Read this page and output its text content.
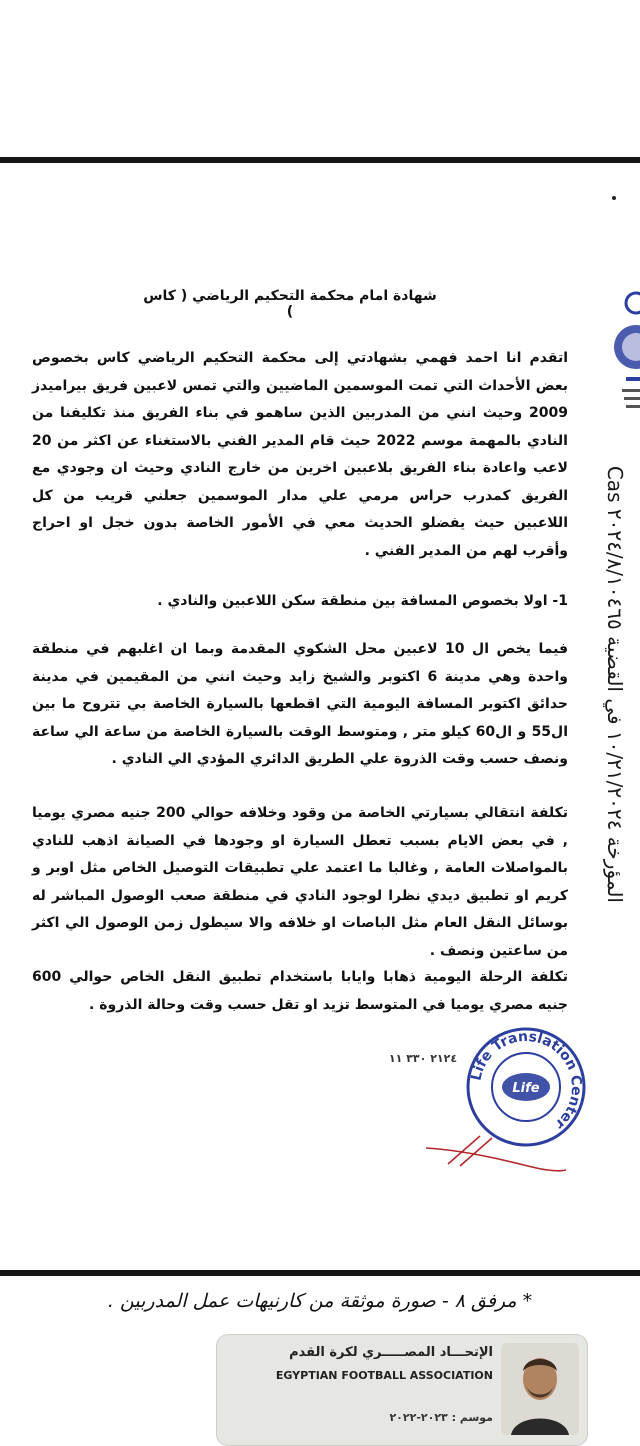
شهادة امام محكمة التحكيم الرياضي ( كاس )

اتقدم انا احمد فهمي بشهادتي إلى محكمة التحكيم الرياضي كاس بخصوص بعض الأحداث التي تمت الموسمين الماضيين والتي تمس لاعبين فريق بيراميدز 2009 وحيث انني من المدربين الذين ساهمو في بناء الفريق منذ تكليفنا من النادي بالمهمة موسم 2022 حيث قام المدير الفني بالاستغناء عن اكثر من 20 لاعب واعادة بناء الفريق بلاعبين اخرين من خارج النادي وحيث ان وجودي مع الفريق كمدرب حراس مرمي علي مدار الموسمين جعلني قريب من كل اللاعبين حيث يفضلو الحديث معي في الأمور الخاصة بدون خجل او احراج وأقرب لهم من المدير الفني .

1- اولا بخصوص المسافة بين منطقة سكن اللاعبين والنادي .

فيما يخص ال 10 لاعبين محل الشكوي المقدمة وبما ان اغلبهم في منطقة واحدة وهي مدينة 6 اكتوبر والشيخ زايد وحيث انني من المقيمين في مدينة حدائق اكتوبر المسافة اليومية التي اقطعها بالسيارة الخاصة بي تتروح ما بين ال55 و ال60 كيلو متر , ومتوسط الوقت بالسيارة الخاصة من ساعة الي ساعة ونصف حسب وقت الذروة علي الطريق الدائري المؤدي الي النادي .

تكلفة انتقالي بسيارتي الخاصة من وقود وخلافه حوالي 200 جنيه مصري يوميا , في بعض الايام بسبب تعطل السيارة او وجودها في الصيانة اذهب للنادي بالمواصلات العامة , وغالبا ما اعتمد علي تطبيقات التوصيل الخاص مثل اوبر و كريم او تطبيق ديدي نظرا لوجود النادي في منطقة صعب الوصول المباشر له بوسائل النقل العام مثل الباصات او خلافه والا سيطول زمن الوصول الي اكثر من ساعتين ونصف .

تكلفة الرحلة اليومية ذهابا وايابا باستخدام تطبيق النقل الخاص حوالي 600 جنيه مصري يوميا في المتوسط تزيد او تقل حسب وقت وحالة الذروة .

المؤرخة ١٠/٢١/٢٠٢٤ في القضية ٢٠٢٤/٨/١٠٤٦٥ Cas
٢١٢٤ ٣٣٠ ١١
Life Translation Center
Life
* مرفق ٨ - صورة موثقة من كارنيهات عمل المدربين .
الإتحـــاد المصـــــري لكرة القدم
EGYPTIAN FOOTBALL ASSOCIATION
موسم : ٢٠٢٣-٢٠٢٢
